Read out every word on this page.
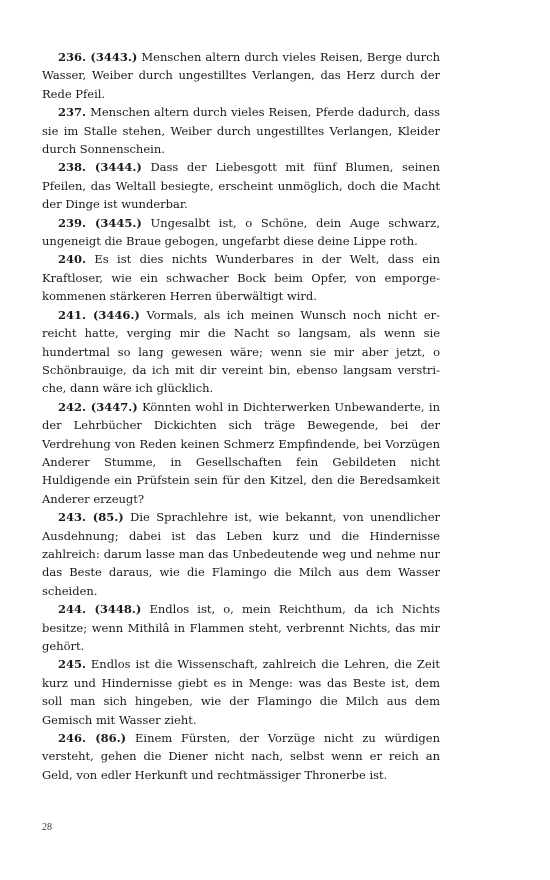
236. (3443.) Menschen altern durch vieles Reisen, Berge durch Wasser, Weiber durch ungestilltes Verlangen, das Herz durch der Rede Pfeil.

237. Menschen altern durch vieles Reisen, Pferde dadurch, dass sie im Stalle stehen, Weiber durch ungestilltes Verlangen, Kleider durch Sonnenschein.

238. (3444.) Dass der Liebesgott mit fünf Blumen, seinen Pfeilen, das Weltall besiegte, erscheint unmöglich, doch die Macht der Dinge ist wunderbar.

239. (3445.) Ungesalbt ist, o Schöne, dein Auge schwarz, ungeneigt die Braue gebogen, ungefarbt diese deine Lippe roth.

240. Es ist dies nichts Wunderbares in der Welt, dass ein Kraftloser, wie ein schwacher Bock beim Opfer, von emporgekommenen stärkeren Herren überwältigt wird.

241. (3446.) Vormals, als ich meinen Wunsch noch nicht erreicht hatte, verging mir die Nacht so langsam, als wenn sie hundertmal so lang gewesen wäre; wenn sie mir aber jetzt, o Schönbrauige, da ich mit dir vereint bin, ebenso langsam verstriche, dann wäre ich glücklich.

242. (3447.) Könnten wohl in Dichterwerken Unbewanderte, in der Lehrbücher Dickichten sich träge Bewegende, bei der Verdrehung von Reden keinen Schmerz Empfindende, bei Vorzügen Anderer Stumme, in Gesellschaften fein Gebildeten nicht Huldigende ein Prüfstein sein für den Kitzel, den die Beredsamkeit Anderer erzeugt?

243. (85.) Die Sprachlehre ist, wie bekannt, von unendlicher Ausdehnung; dabei ist das Leben kurz und die Hindernisse zahlreich: darum lasse man das Unbedeutende weg und nehme nur das Beste daraus, wie die Flamingo die Milch aus dem Wasser scheiden.

244. (3448.) Endlos ist, o, mein Reichthum, da ich Nichts besitze; wenn Mithilâ in Flammen steht, verbrennt Nichts, das mir gehört.

245. Endlos ist die Wissenschaft, zahlreich die Lehren, die Zeit kurz und Hindernisse giebt es in Menge: was das Beste ist, dem soll man sich hingeben, wie der Flamingo die Milch aus dem Gemisch mit Wasser zieht.

246. (86.) Einem Fürsten, der Vorzüge nicht zu würdigen versteht, gehen die Diener nicht nach, selbst wenn er reich an Geld, von edler Herkunft und rechtmässiger Thronerbe ist.

28
